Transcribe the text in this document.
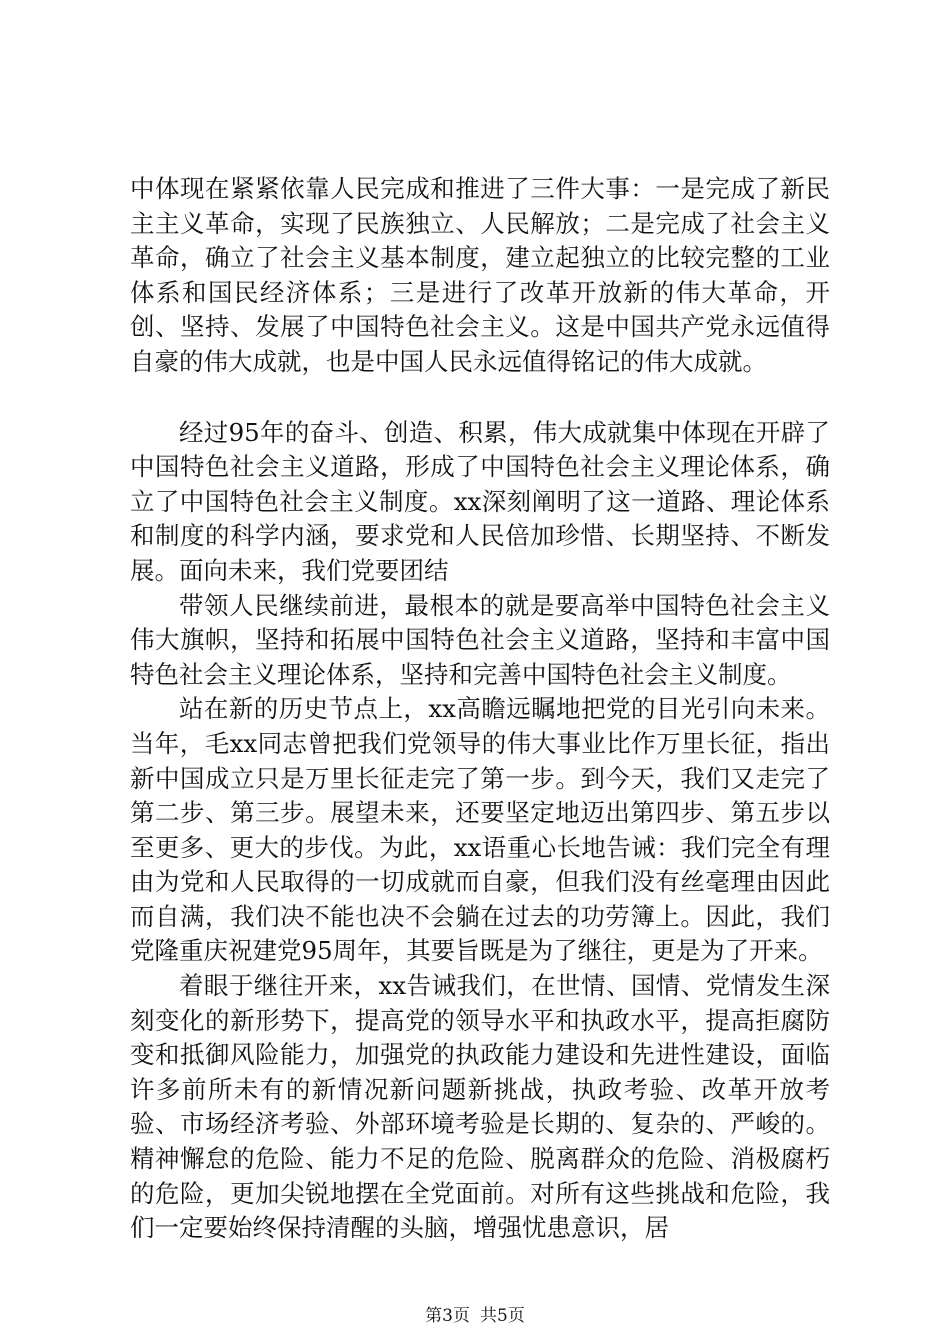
中体现在紧紧依靠人民完成和推进了三件大事：一是完成了新民主主义革命，实现了民族独立、人民解放；二是完成了社会主义革命，确立了社会主义基本制度，建立起独立的比较完整的工业体系和国民经济体系；三是进行了改革开放新的伟大革命，开创、坚持、发展了中国特色社会主义。这是中国共产党永远值得自豪的伟大成就，也是中国人民永远值得铭记的伟大成就。

经过95年的奋斗、创造、积累，伟大成就集中体现在开辟了中国特色社会主义道路，形成了中国特色社会主义理论体系，确立了中国特色社会主义制度。xx深刻阐明了这一道路、理论体系和制度的科学内涵，要求党和人民倍加珍惜、长期坚持、不断发展。面向未来，我们党要团结

带领人民继续前进，最根本的就是要高举中国特色社会主义伟大旗帜，坚持和拓展中国特色社会主义道路，坚持和丰富中国特色社会主义理论体系，坚持和完善中国特色社会主义制度。

站在新的历史节点上，xx高瞻远瞩地把党的目光引向未来。当年，毛xx同志曾把我们党领导的伟大事业比作万里长征，指出新中国成立只是万里长征走完了第一步。到今天，我们又走完了第二步、第三步。展望未来，还要坚定地迈出第四步、第五步以至更多、更大的步伐。为此，xx语重心长地告诫：我们完全有理由为党和人民取得的一切成就而自豪，但我们没有丝毫理由因此而自满，我们决不能也决不会躺在过去的功劳簿上。因此，我们党隆重庆祝建党95周年，其要旨既是为了继往，更是为了开来。

着眼于继往开来，xx告诫我们，在世情、国情、党情发生深刻变化的新形势下，提高党的领导水平和执政水平，提高拒腐防变和抵御风险能力，加强党的执政能力建设和先进性建设，面临许多前所未有的新情况新问题新挑战，执政考验、改革开放考验、市场经济考验、外部环境考验是长期的、复杂的、严峻的。精神懈怠的危险、能力不足的危险、脱离群众的危险、消极腐朽的危险，更加尖锐地摆在全党面前。对所有这些挑战和危险，我们一定要始终保持清醒的头脑，增强忧患意识，居

第3页 共5页
